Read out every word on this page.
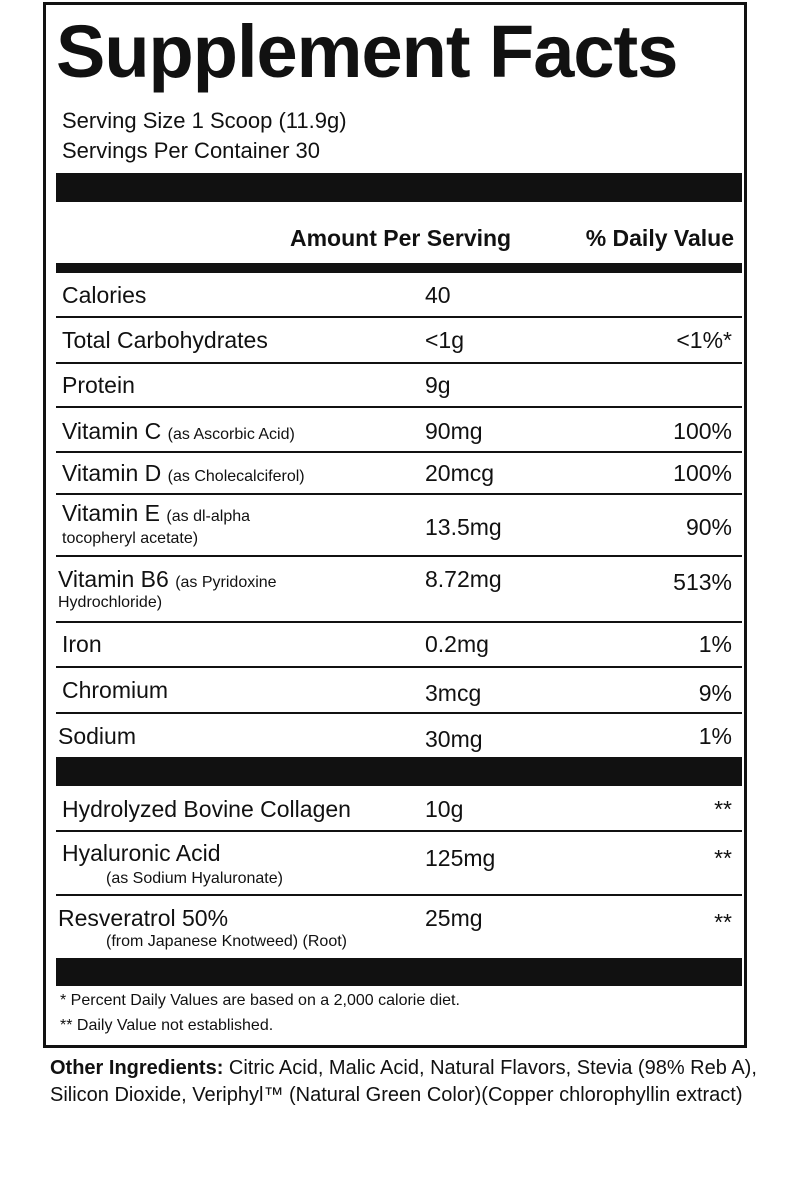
Supplement Facts
Serving Size 1 Scoop (11.9g)
Servings Per Container 30
Amount Per Serving	% Daily Value
Calories	40
Total Carbohydrates	<1g	<1%*
Protein	9g
Vitamin C (as Ascorbic Acid)	90mg	100%
Vitamin D (as Cholecalciferol)	20mcg	100%
Vitamin E (as dl-alpha
tocopheryl acetate)	13.5mg	90%
Vitamin B6 (as Pyridoxine
Hydrochloride)
8.72mg	513%
Iron	0.2mg	1%
Chromium	3mcg	9%
Sodium	30mg	1%
Hydrolyzed Bovine Collagen	10g	**
Hyaluronic Acid
(as Sodium Hyaluronate)
125mg	**
Resveratrol 50%
(from Japanese Knotweed) (Root)
25mg	**
* Percent Daily Values are based on a 2,000 calorie diet.
** Daily Value not established.
Other Ingredients: Citric Acid, Malic Acid, Natural Flavors, Stevia (98% Reb A), Silicon Dioxide, Veriphyl™ (Natural Green Color)(Copper chlorophyllin extract)
